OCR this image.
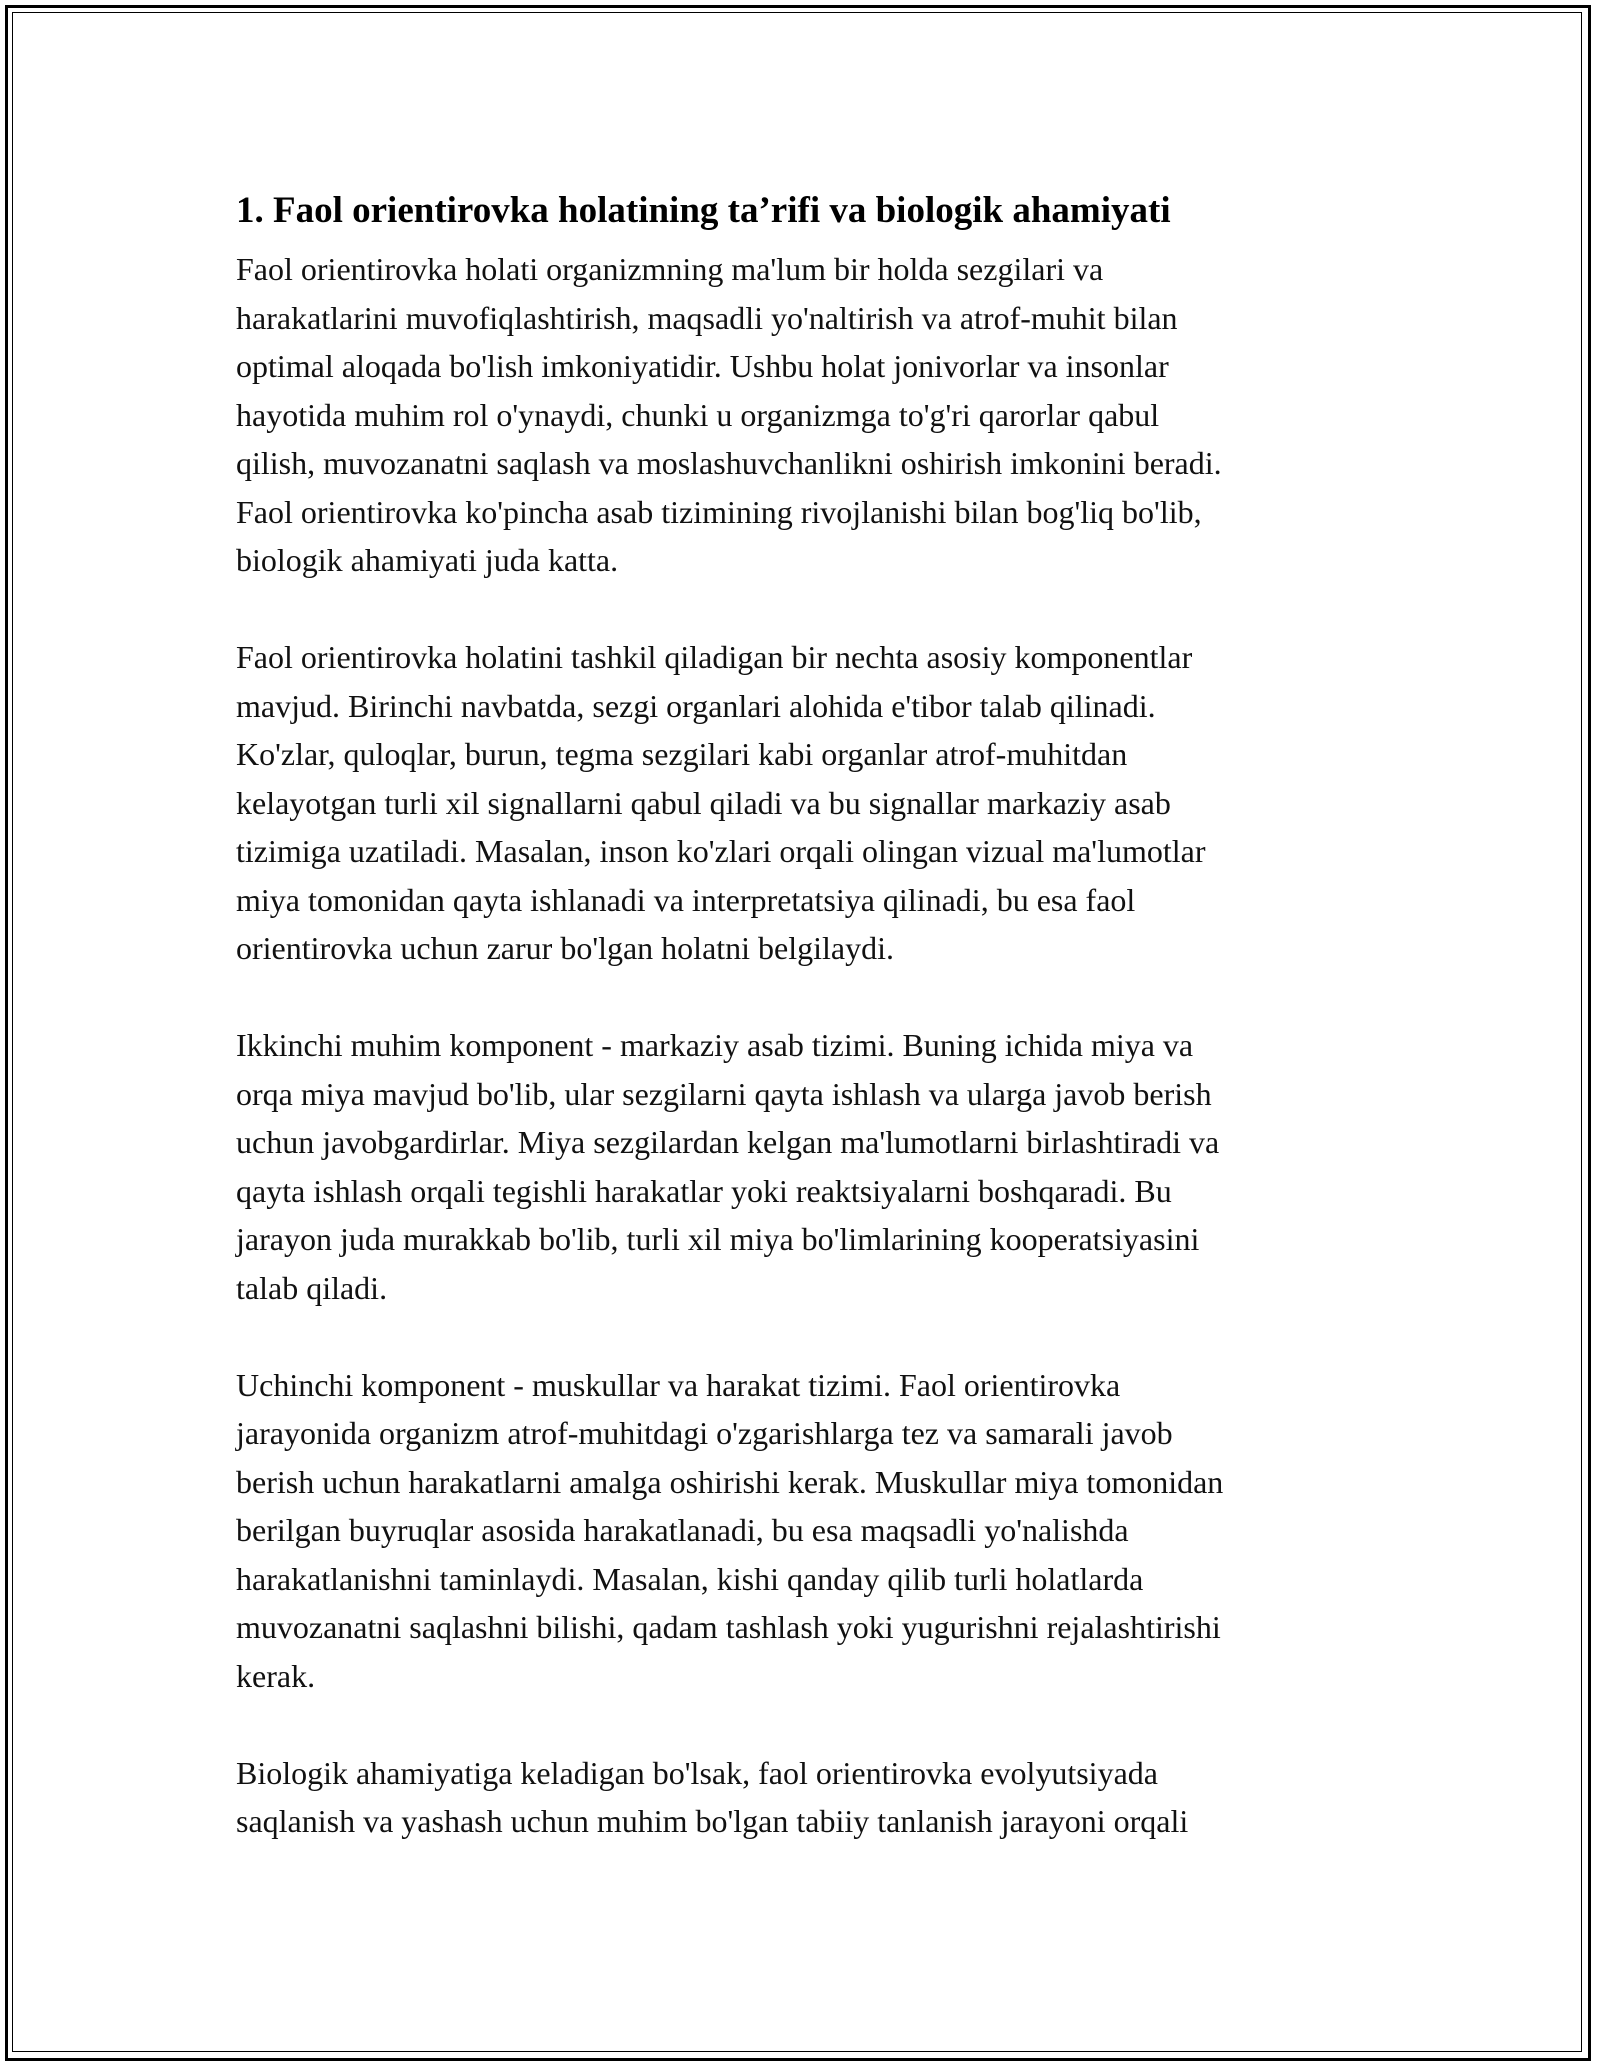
1. Faol orientirovka holatining ta’rifi va biologik ahamiyati

Faol orientirovka holati organizmning ma'lum bir holda sezgilari va
harakatlarini muvofiqlashtirish, maqsadli yo'naltirish va atrof-muhit bilan
optimal aloqada bo'lish imkoniyatidir. Ushbu holat jonivorlar va insonlar
hayotida muhim rol o'ynaydi, chunki u organizmga to'g'ri qarorlar qabul
qilish, muvozanatni saqlash va moslashuvchanlikni oshirish imkonini beradi.
Faol orientirovka ko'pincha asab tizimining rivojlanishi bilan bog'liq bo'lib,
biologik ahamiyati juda katta.

Faol orientirovka holatini tashkil qiladigan bir nechta asosiy komponentlar
mavjud. Birinchi navbatda, sezgi organlari alohida e'tibor talab qilinadi.
Ko'zlar, quloqlar, burun, tegma sezgilari kabi organlar atrof-muhitdan
kelayotgan turli xil signallarni qabul qiladi va bu signallar markaziy asab
tizimiga uzatiladi. Masalan, inson ko'zlari orqali olingan vizual ma'lumotlar
miya tomonidan qayta ishlanadi va interpretatsiya qilinadi, bu esa faol
orientirovka uchun zarur bo'lgan holatni belgilaydi.

Ikkinchi muhim komponent - markaziy asab tizimi. Buning ichida miya va
orqa miya mavjud bo'lib, ular sezgilarni qayta ishlash va ularga javob berish
uchun javobgardirlar. Miya sezgilardan kelgan ma'lumotlarni birlashtiradi va
qayta ishlash orqali tegishli harakatlar yoki reaktsiyalarni boshqaradi. Bu
jarayon juda murakkab bo'lib, turli xil miya bo'limlarining kooperatsiyasini
talab qiladi.

Uchinchi komponent - muskullar va harakat tizimi. Faol orientirovka
jarayonida organizm atrof-muhitdagi o'zgarishlarga tez va samarali javob
berish uchun harakatlarni amalga oshirishi kerak. Muskullar miya tomonidan
berilgan buyruqlar asosida harakatlanadi, bu esa maqsadli yo'nalishda
harakatlanishni taminlaydi. Masalan, kishi qanday qilib turli holatlarda
muvozanatni saqlashni bilishi, qadam tashlash yoki yugurishni rejalashtirishi
kerak.

Biologik ahamiyatiga keladigan bo'lsak, faol orientirovka evolyutsiyada
saqlanish va yashash uchun muhim bo'lgan tabiiy tanlanish jarayoni orqali
